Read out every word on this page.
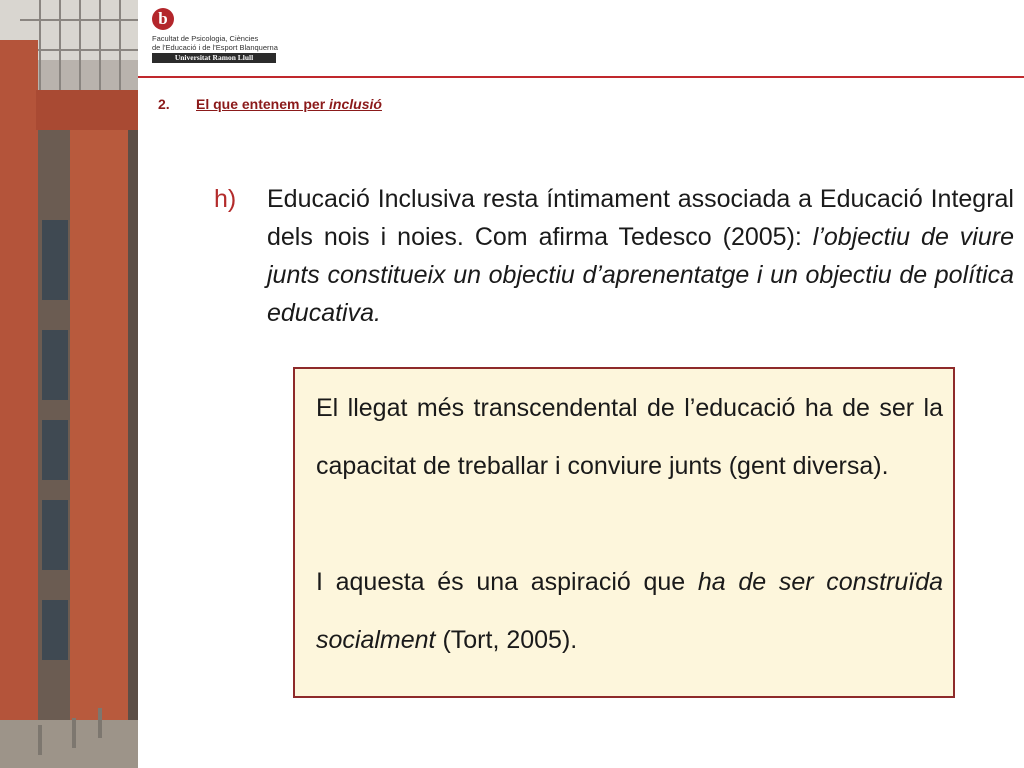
b
Facultat de Psicologia, Ciències
de l'Educació i de l'Esport Blanquerna
Universitat Ramon Llull
2. El que entenem per inclusió
h)	Educació Inclusiva resta íntimament associada a Educació Integral dels nois i noies. Com afirma Tedesco (2005): l’objectiu de viure junts constitueix un objectiu d’aprenentatge i un objectiu de política educativa.

El llegat més transcendental de l’educació ha de ser la capacitat de treballar i conviure junts (gent diversa).

I aquesta és una aspiració que ha de ser construïda socialment (Tort, 2005).
